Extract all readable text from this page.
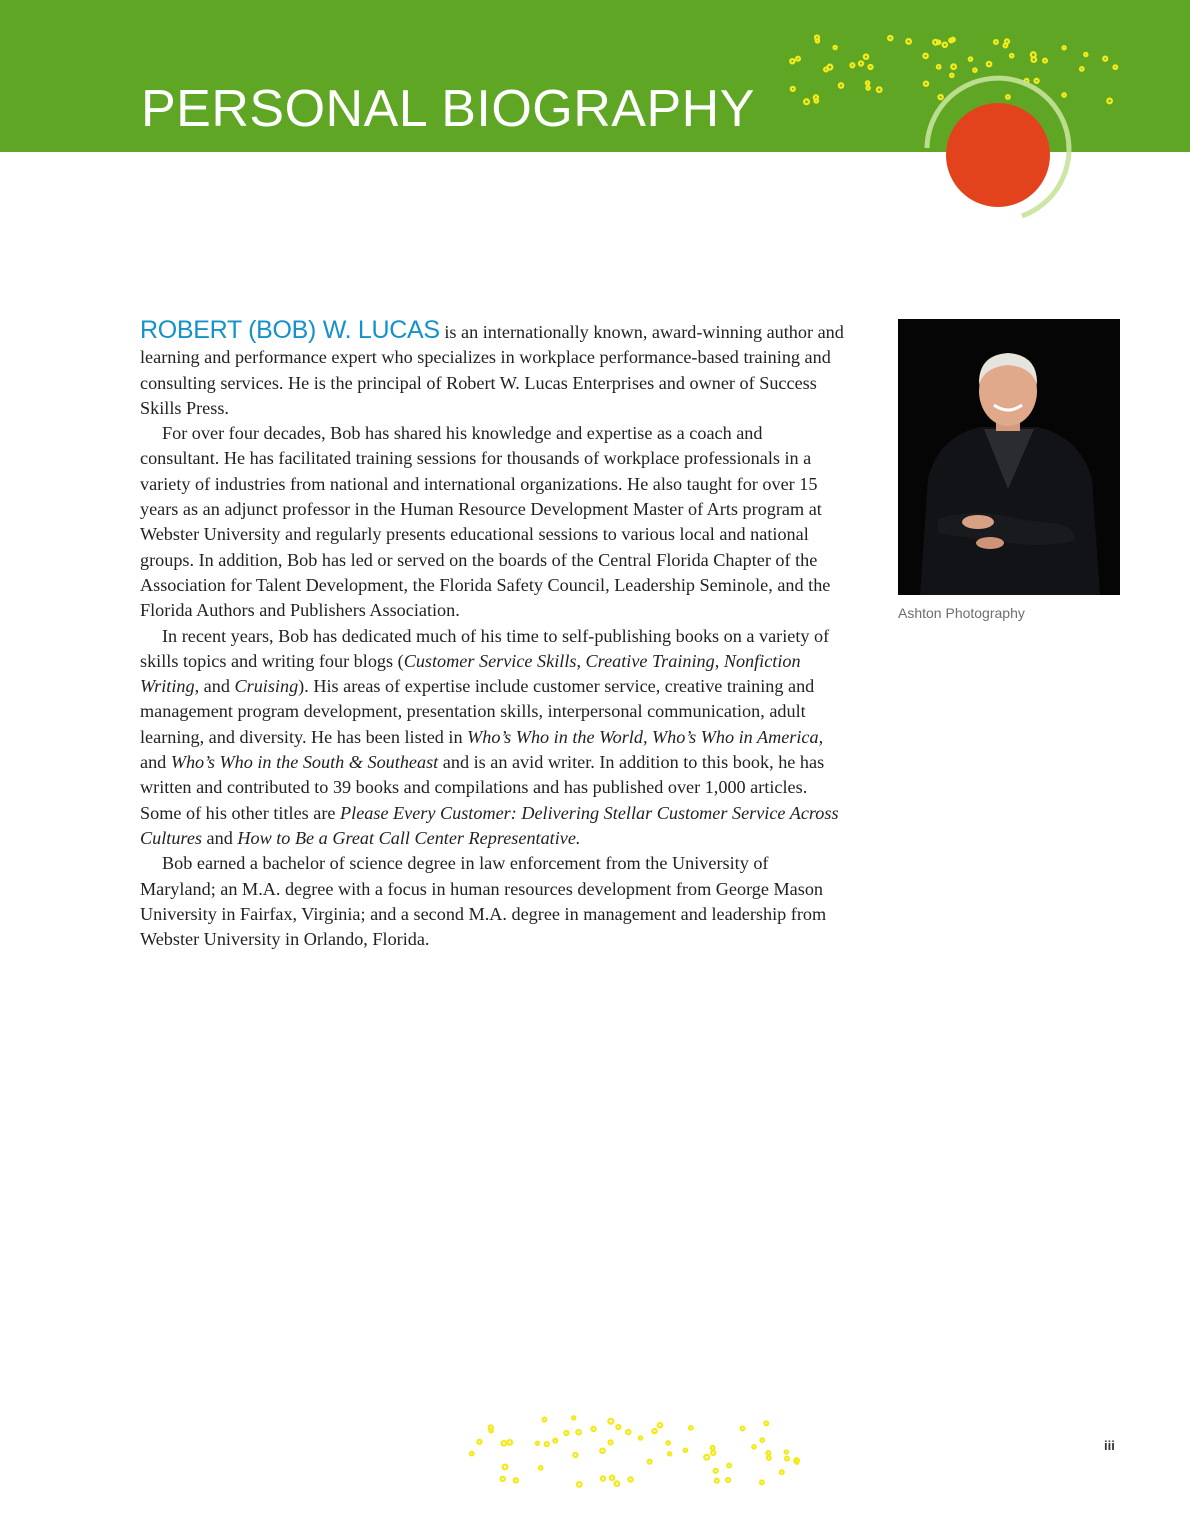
PERSONAL BIOGRAPHY

ROBERT (BOB) W. LUCAS is an internationally known, award-winning author and learning and performance expert who specializes in workplace performance-based training and consulting services. He is the principal of Robert W. Lucas Enterprises and owner of Success Skills Press.

For over four decades, Bob has shared his knowledge and expertise as a coach and consultant. He has facilitated training sessions for thousands of workplace professionals in a variety of industries from national and international organizations. He also taught for over 15 years as an adjunct professor in the Human Resource Development Master of Arts program at Webster University and regularly presents educational sessions to various local and national groups. In addition, Bob has led or served on the boards of the Central Florida Chapter of the Association for Talent Development, the Florida Safety Council, Leadership Seminole, and the Florida Authors and Publishers Association.

In recent years, Bob has dedicated much of his time to self-publishing books on a variety of skills topics and writing four blogs (Customer Service Skills, Creative Training, Nonfiction Writing, and Cruising). His areas of expertise include customer service, creative training and management program development, presentation skills, interpersonal communication, adult learning, and diversity. He has been listed in Who’s Who in the World, Who’s Who in America, and Who’s Who in the South & Southeast and is an avid writer. In addition to this book, he has written and contributed to 39 books and compilations and has published over 1,000 articles. Some of his other titles are Please Every Customer: Delivering Stellar Customer Service Across Cultures and How to Be a Great Call Center Representative.

Bob earned a bachelor of science degree in law enforcement from the University of Maryland; an M.A. degree with a focus in human resources development from George Mason University in Fairfax, Virginia; and a second M.A. degree in management and leadership from Webster University in Orlando, Florida.

Ashton Photography
iii
